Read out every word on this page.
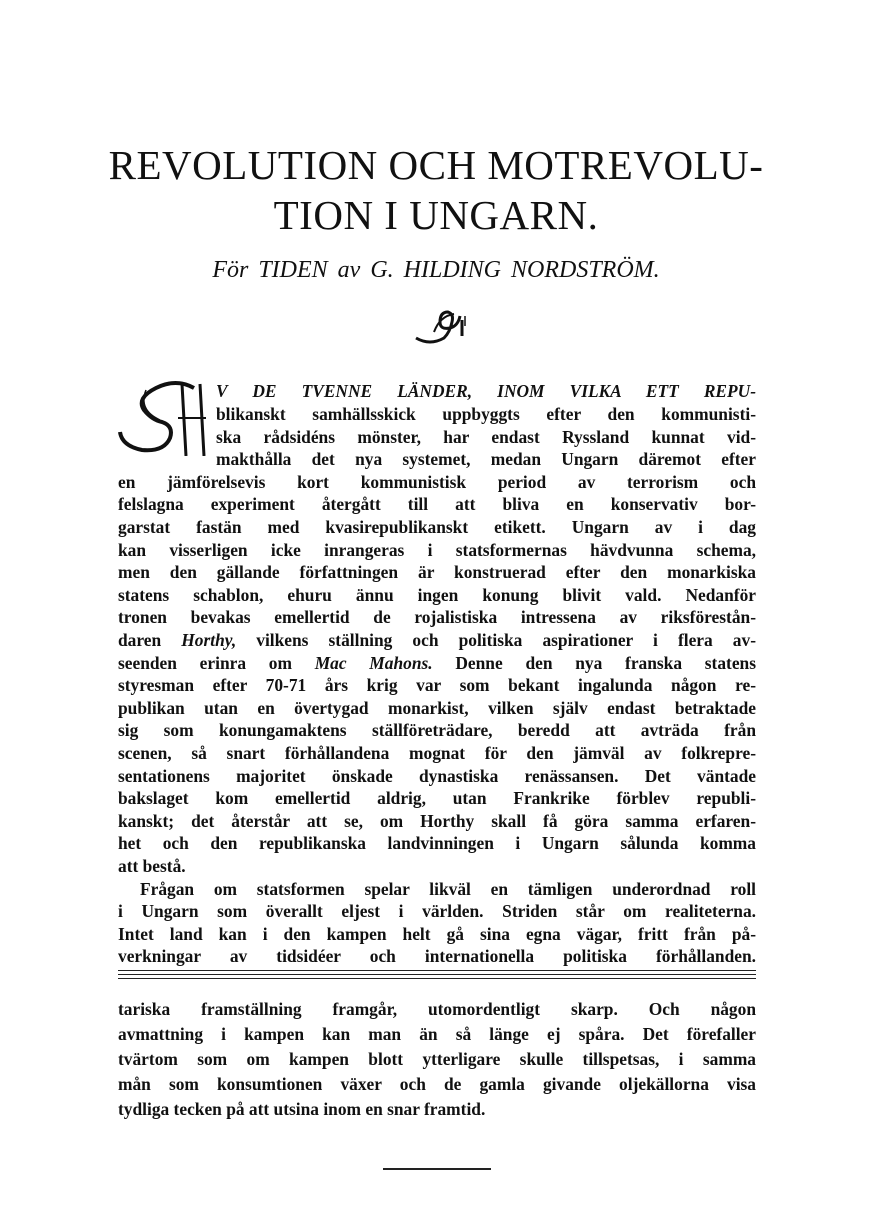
REVOLUTION OCH MOTREVOLU-
TION I UNGARN.

För TIDEN av G. HILDING NORDSTRÖM.

V DE TVENNE LÄNDER, INOM VILKA ETT REPU-
blikanskt samhällsskick uppbyggts efter den kommunisti-
ska rådsidéns mönster, har endast Ryssland kunnat vid-
makthålla det nya systemet, medan Ungarn däremot efter
en jämförelsevis kort kommunistisk period av terrorism och
felslagna experiment återgått till att bliva en konservativ bor-
garstat fastän med kvasirepublikanskt etikett. Ungarn av i dag
kan visserligen icke inrangeras i statsformernas hävdvunna schema,
men den gällande författningen är konstruerad efter den monarkiska
statens schablon, ehuru ännu ingen konung blivit vald. Nedanför
tronen bevakas emellertid de rojalistiska intressena av riksförestån-
daren Horthy, vilkens ställning och politiska aspirationer i flera av-
seenden erinra om Mac Mahons. Denne den nya franska statens
styresman efter 70-71 års krig var som bekant ingalunda någon re-
publikan utan en övertygad monarkist, vilken själv endast betraktade
sig som konungamaktens ställföreträdare, beredd att avträda från
scenen, så snart förhållandena mognat för den jämväl av folkrepre-
sentationens majoritet önskade dynastiska renässansen. Det väntade
bakslaget kom emellertid aldrig, utan Frankrike förblev republi-
kanskt; det återstår att se, om Horthy skall få göra samma erfaren-
het och den republikanska landvinningen i Ungarn sålunda komma
att bestå.
Frågan om statsformen spelar likväl en tämligen underordnad roll
i Ungarn som överallt eljest i världen. Striden står om realiteterna.
Intet land kan i den kampen helt gå sina egna vägar, fritt från på-
verkningar av tidsidéer och internationella politiska förhållanden.
tariska framställning framgår, utomordentligt skarp. Och någon
avmattning i kampen kan man än så länge ej spåra. Det förefaller
tvärtom som om kampen blott ytterligare skulle tillspetsas, i samma
mån som konsumtionen växer och de gamla givande oljekällorna visa
tydliga tecken på att utsina inom en snar framtid.
